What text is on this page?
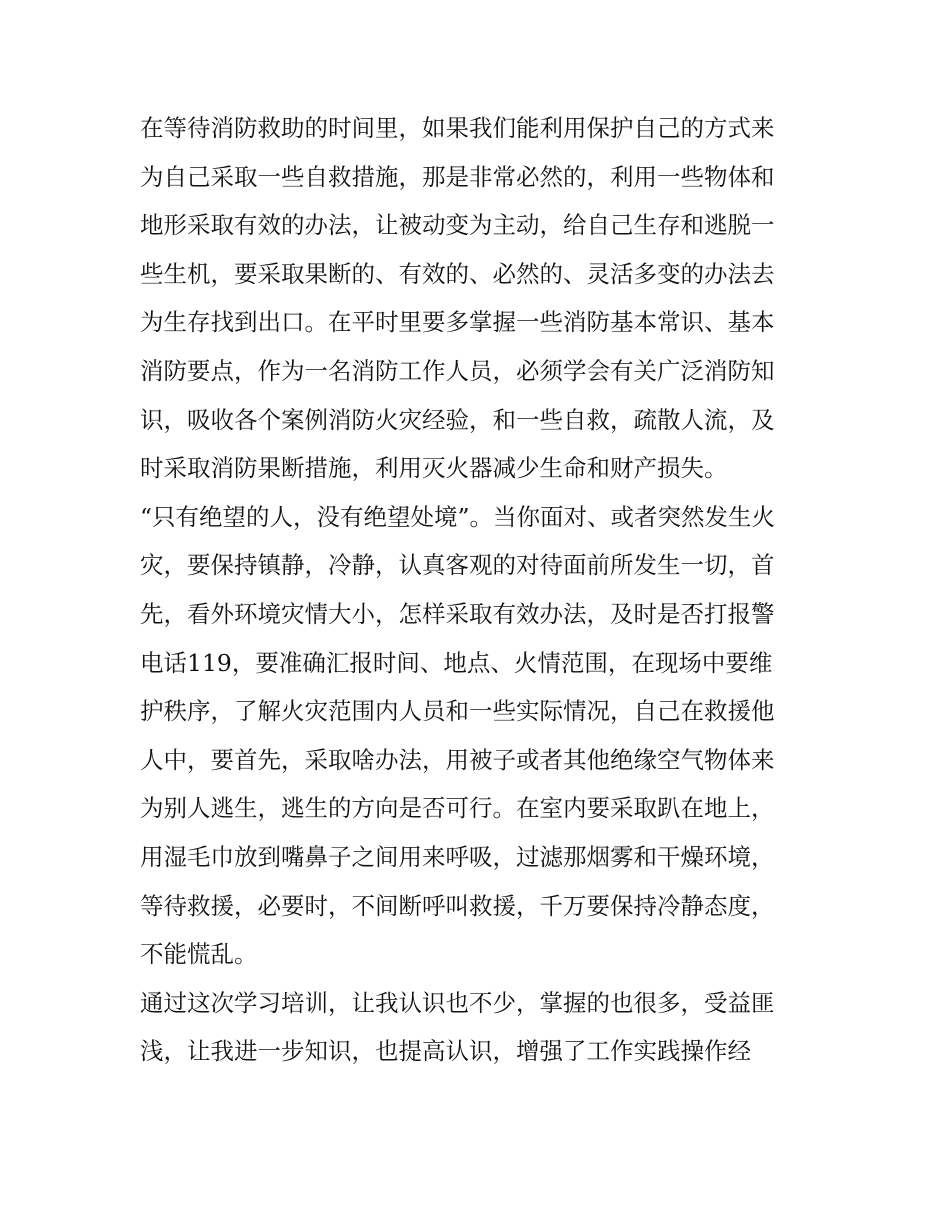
在等待消防救助的时间里，如果我们能利用保护自己的方式来
为自己采取一些自救措施，那是非常必然的，利用一些物体和
地形采取有效的办法，让被动变为主动，给自己生存和逃脱一
些生机，要采取果断的、有效的、必然的、灵活多变的办法去
为生存找到出口。在平时里要多掌握一些消防基本常识、基本
消防要点，作为一名消防工作人员，必须学会有关广泛消防知
识，吸收各个案例消防火灾经验，和一些自救，疏散人流，及
时采取消防果断措施，利用灭火器减少生命和财产损失。
“只有绝望的人，没有绝望处境”。当你面对、或者突然发生火
灾，要保持镇静，冷静，认真客观的对待面前所发生一切，首
先，看外环境灾情大小，怎样采取有效办法，及时是否打报警
电话119，要准确汇报时间、地点、火情范围，在现场中要维
护秩序，了解火灾范围内人员和一些实际情况，自己在救援他
人中，要首先，采取啥办法，用被子或者其他绝缘空气物体来
为别人逃生，逃生的方向是否可行。在室内要采取趴在地上，
用湿毛巾放到嘴鼻子之间用来呼吸，过滤那烟雾和干燥环境，
等待救援，必要时，不间断呼叫救援，千万要保持冷静态度，
不能慌乱。
通过这次学习培训，让我认识也不少，掌握的也很多，受益匪
浅，让我进一步知识，也提高认识，增强了工作实践操作经
